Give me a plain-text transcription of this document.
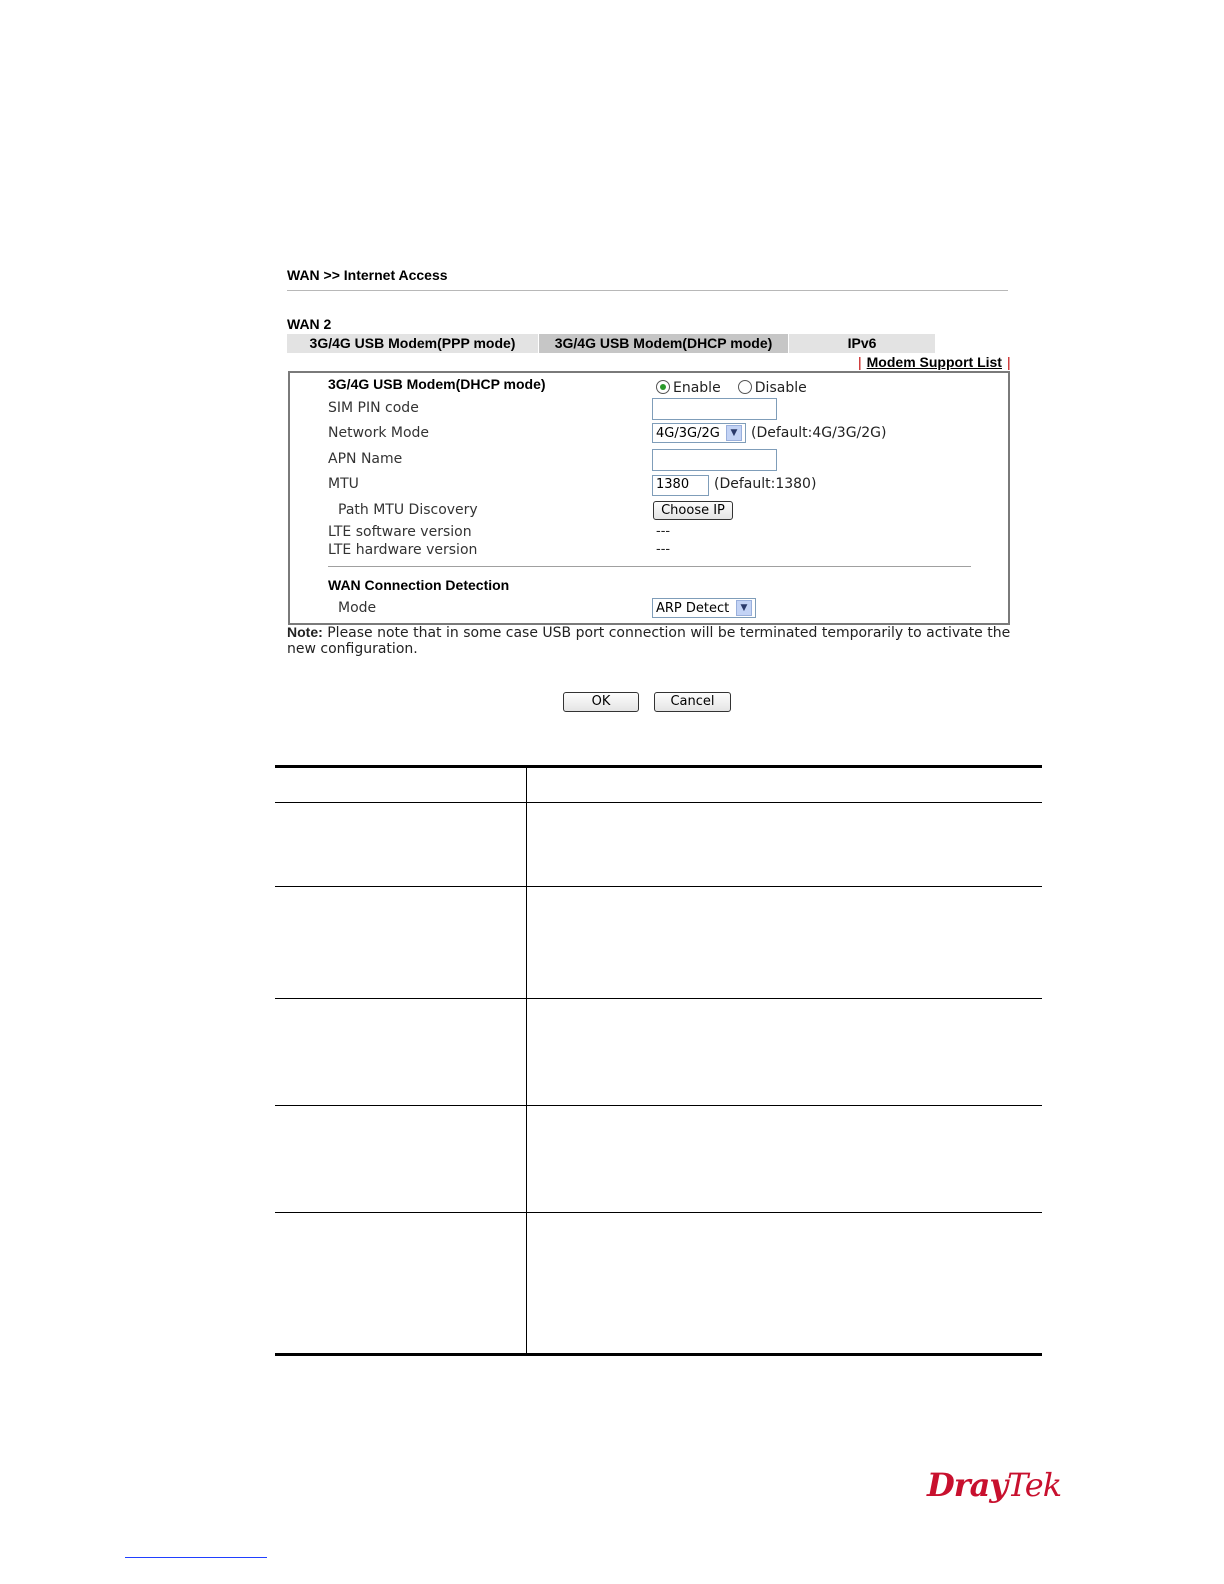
WAN >> Internet Access
WAN 2
3G/4G USB Modem(PPP mode)	3G/4G USB Modem(DHCP mode)	IPv6
| Modem Support List |
3G/4G USB Modem(DHCP mode)	Enable Disable
SIM PIN code
Network Mode	4G/3G/2G	▼ (Default:4G/3G/2G)
APN Name
MTU	1380	(Default:1380)
Path MTU Discovery	Choose IP
LTE software version	---
LTE hardware version	---
WAN Connection Detection
Mode	ARP Detect	▼
Note: Please note that in some case USB port connection will be terminated temporarily to activate the new configuration.
OK	Cancel
DrayTek
